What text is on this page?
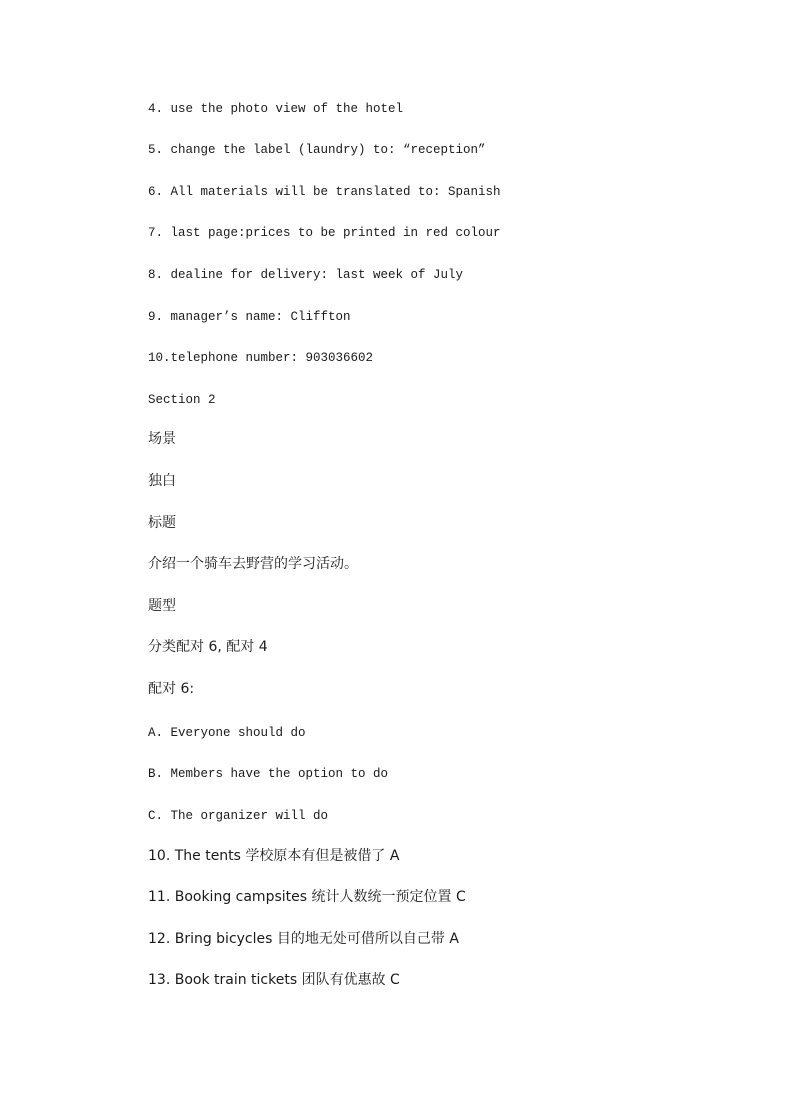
4. use the photo view of the hotel
5. change the label (laundry) to: “reception”
6. All materials will be translated to: Spanish
7. last page:prices to be printed in red colour
8. dealine for delivery: last week of July
9. manager’s name: Cliffton
10.telephone number: 903036602
Section 2
场景
独白
标题
介绍一个骑车去野营的学习活动。
题型
分类配对 6, 配对 4
配对 6:
A. Everyone should do
B. Members have the option to do
C. The organizer will do
10. The tents 学校原本有但是被借了 A
11. Booking campsites 统计人数统一预定位置 C
12. Bring bicycles 目的地无处可借所以自己带 A
13. Book train tickets 团队有优惠故 C
